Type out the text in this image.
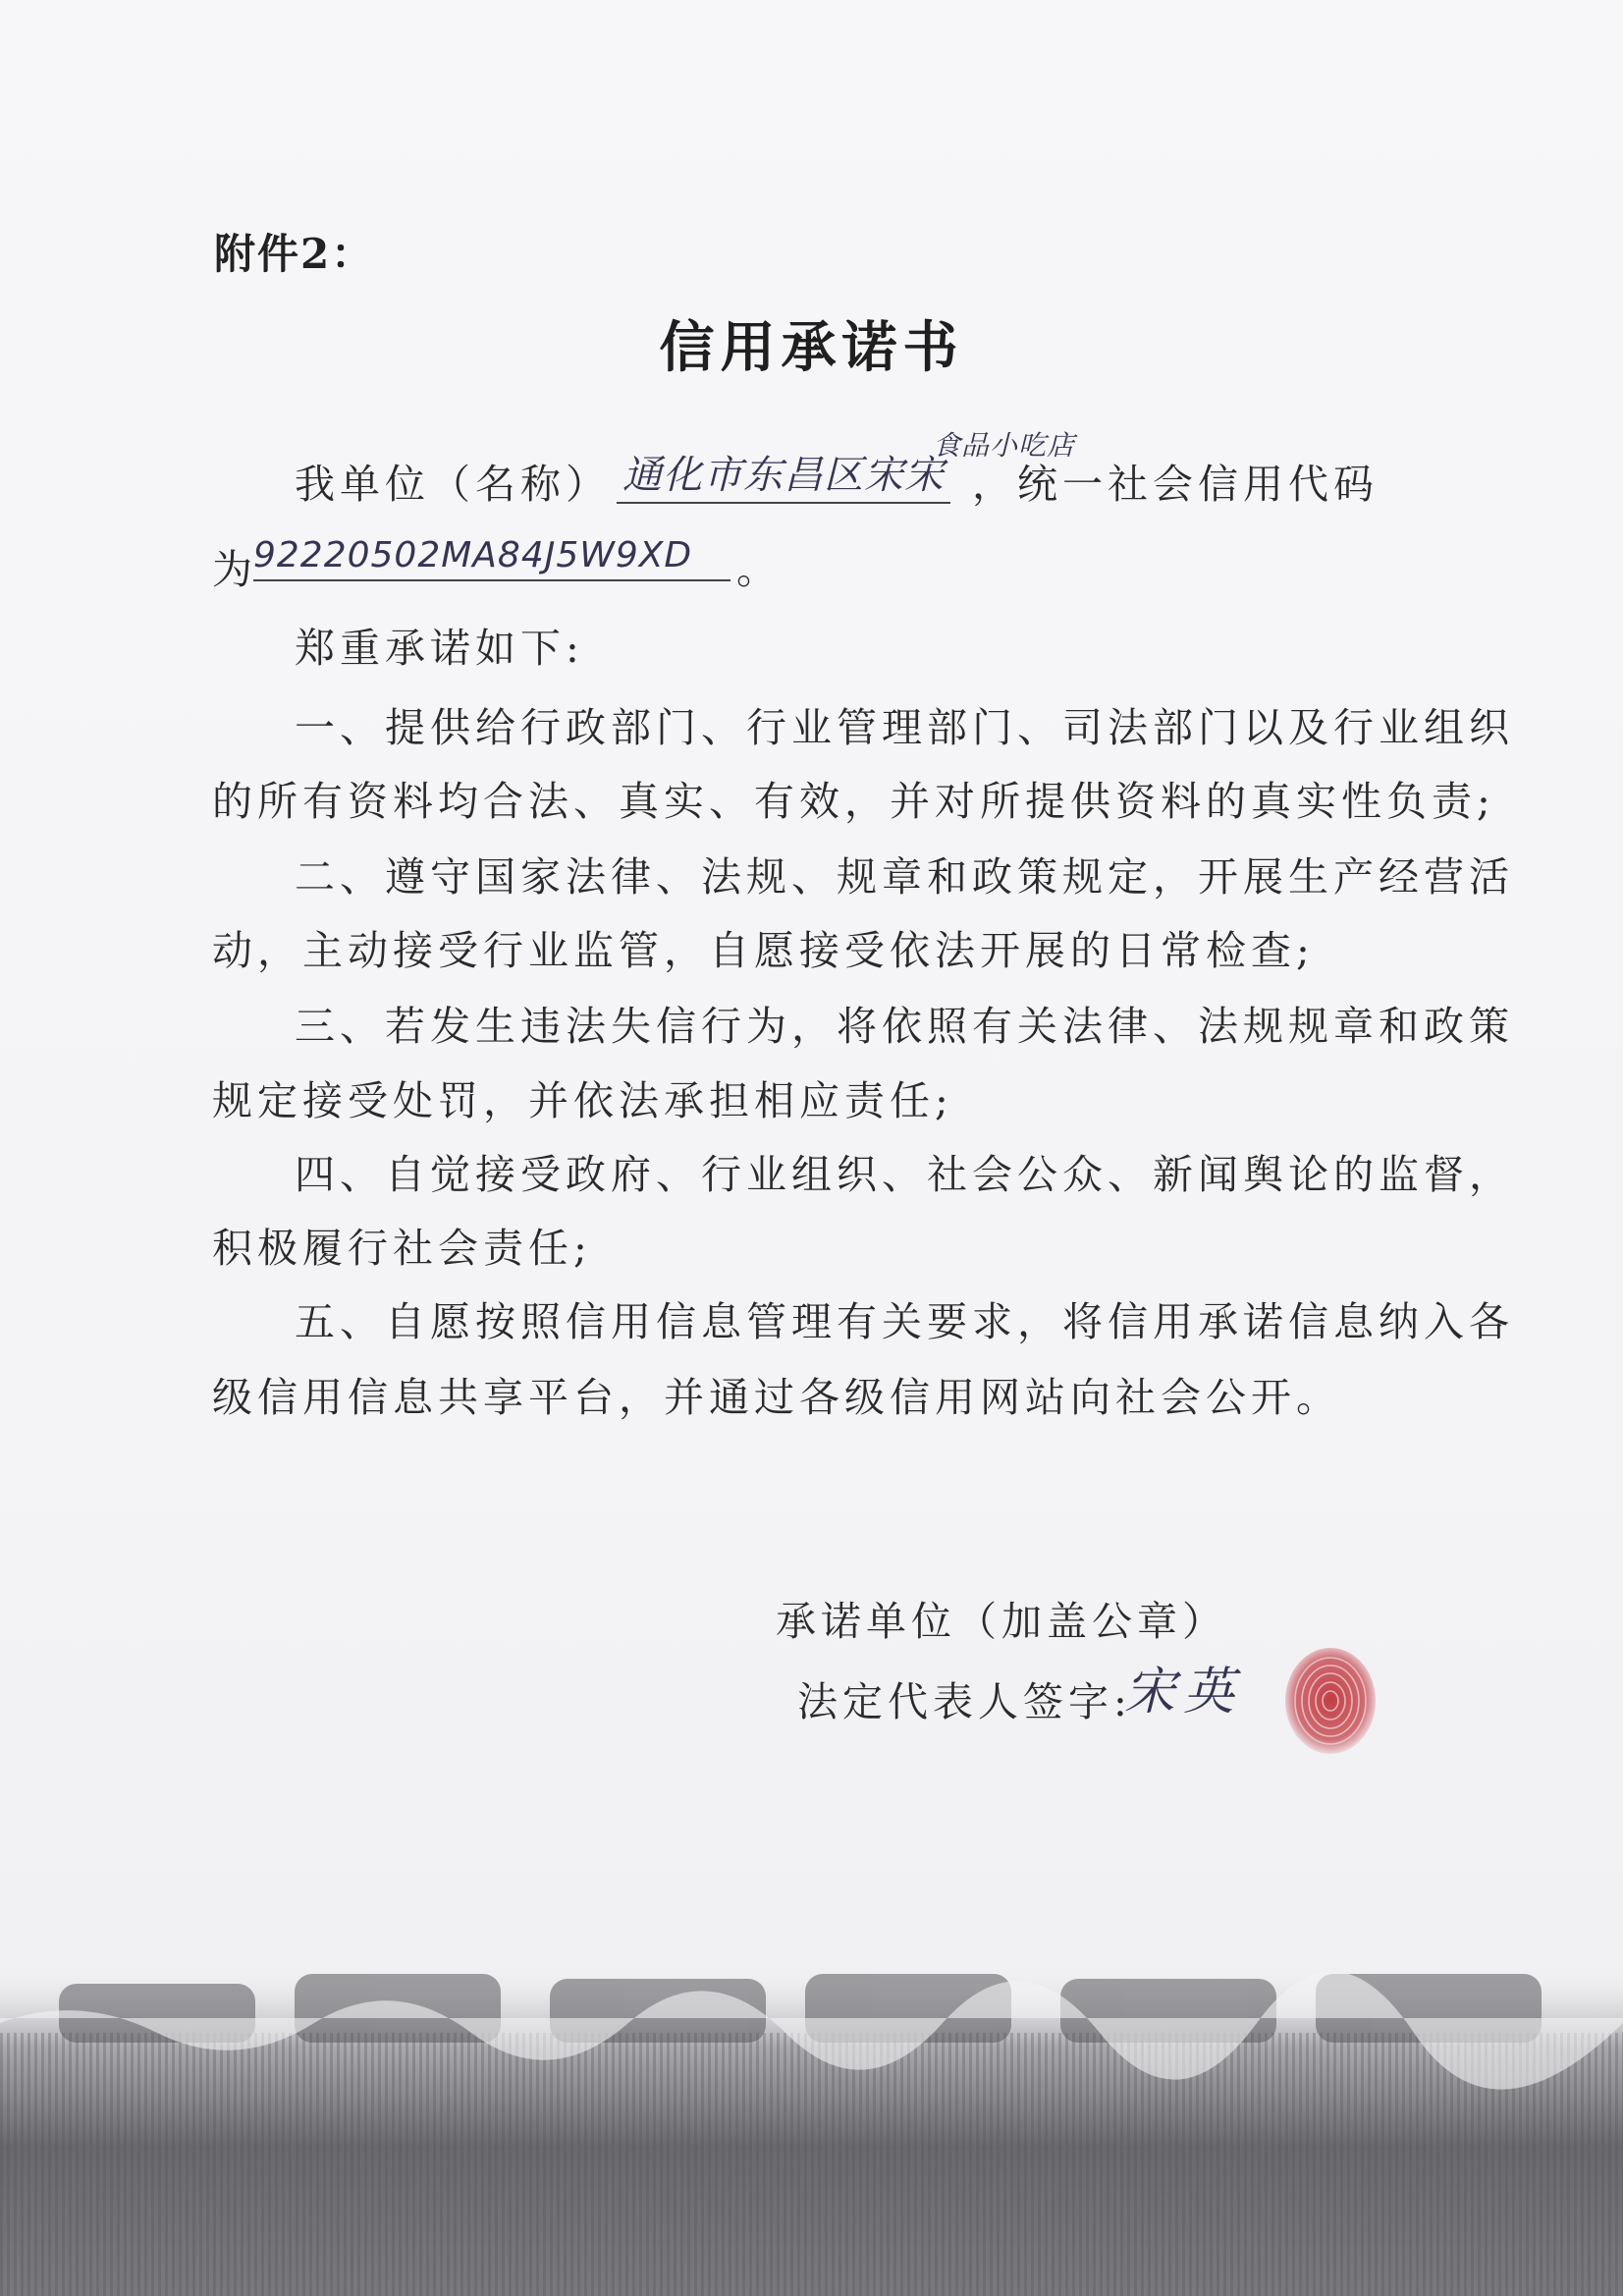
附件2：
信用承诺书
我单位（名称） 通化市东昌区宋宋
食品小吃店
，统一社会信用代码
为
92220502MA84J5W9XD	。
郑重承诺如下:
一、提供给行政部门、行业管理部门、司法部门以及行业组织
的所有资料均合法、真实、有效，并对所提供资料的真实性负责;
二、遵守国家法律、法规、规章和政策规定，开展生产经营活
动，主动接受行业监管，自愿接受依法开展的日常检查;
三、若发生违法失信行为，将依照有关法律、法规规章和政策
规定接受处罚，并依法承担相应责任;
四、自觉接受政府、行业组织、社会公众、新闻舆论的监督，
积极履行社会责任;
五、自愿按照信用信息管理有关要求，将信用承诺信息纳入各
级信用信息共享平台，并通过各级信用网站向社会公开。
承诺单位（加盖公章）
法定代表人签字:
宋英
